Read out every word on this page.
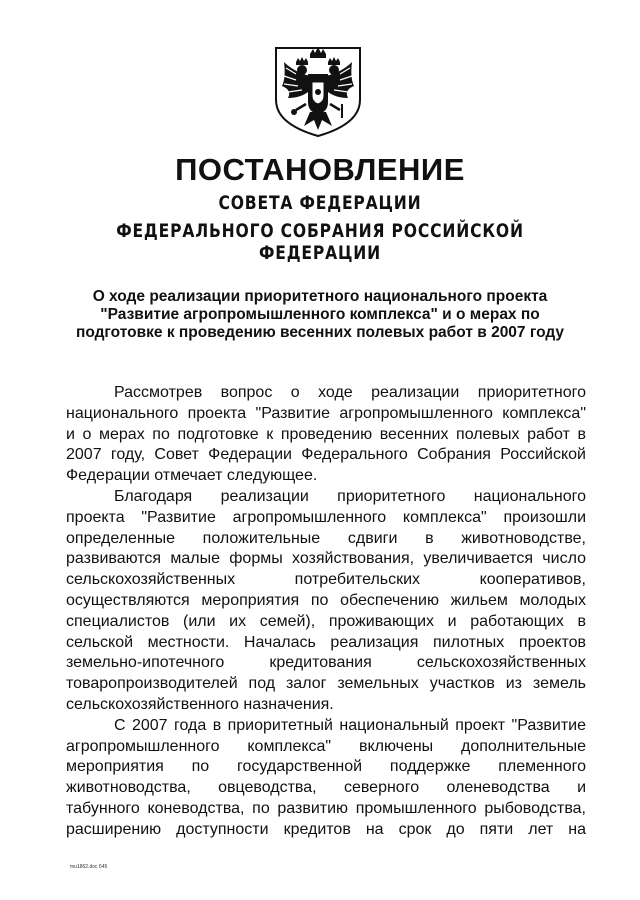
ПОСТАНОВЛЕНИЕ
СОВЕТА ФЕДЕРАЦИИ
ФЕДЕРАЛЬНОГО СОБРАНИЯ РОССИЙСКОЙ ФЕДЕРАЦИИ
О ходе реализации приоритетного национального проекта
"Развитие агропромышленного комплекса" и о мерах по
подготовке к проведению весенних полевых работ в 2007 году
Рассмотрев вопрос о ходе реализации приоритетного
национального проекта "Развитие агропромышленного комплекса"
и о мерах по подготовке к проведению весенних полевых работ в
2007 году, Совет Федерации Федерального Собрания Российской
Федерации отмечает следующее.
Благодаря реализации приоритетного национального
проекта "Развитие агропромышленного комплекса" произошли
определенные положительные сдвиги в животноводстве,
развиваются малые формы хозяйствования, увеличивается число
сельскохозяйственных потребительских кооперативов,
осуществляются мероприятия по обеспечению жильем молодых
специалистов (или их семей), проживающих и работающих в
сельской местности. Началась реализация пилотных проектов
земельно-ипотечного кредитования сельскохозяйственных
товаропроизводителей под залог земельных участков из земель
сельскохозяйственного назначения.
С 2007 года в приоритетный национальный проект "Развитие
агропромышленного комплекса" включены дополнительные
мероприятия по государственной поддержке племенного
животноводства, овцеводства, северного оленеводства и
табунного коневодства, по развитию промышленного рыбоводства,
расширению доступности кредитов на срок до пяти лет на
mu1862.doc 645
